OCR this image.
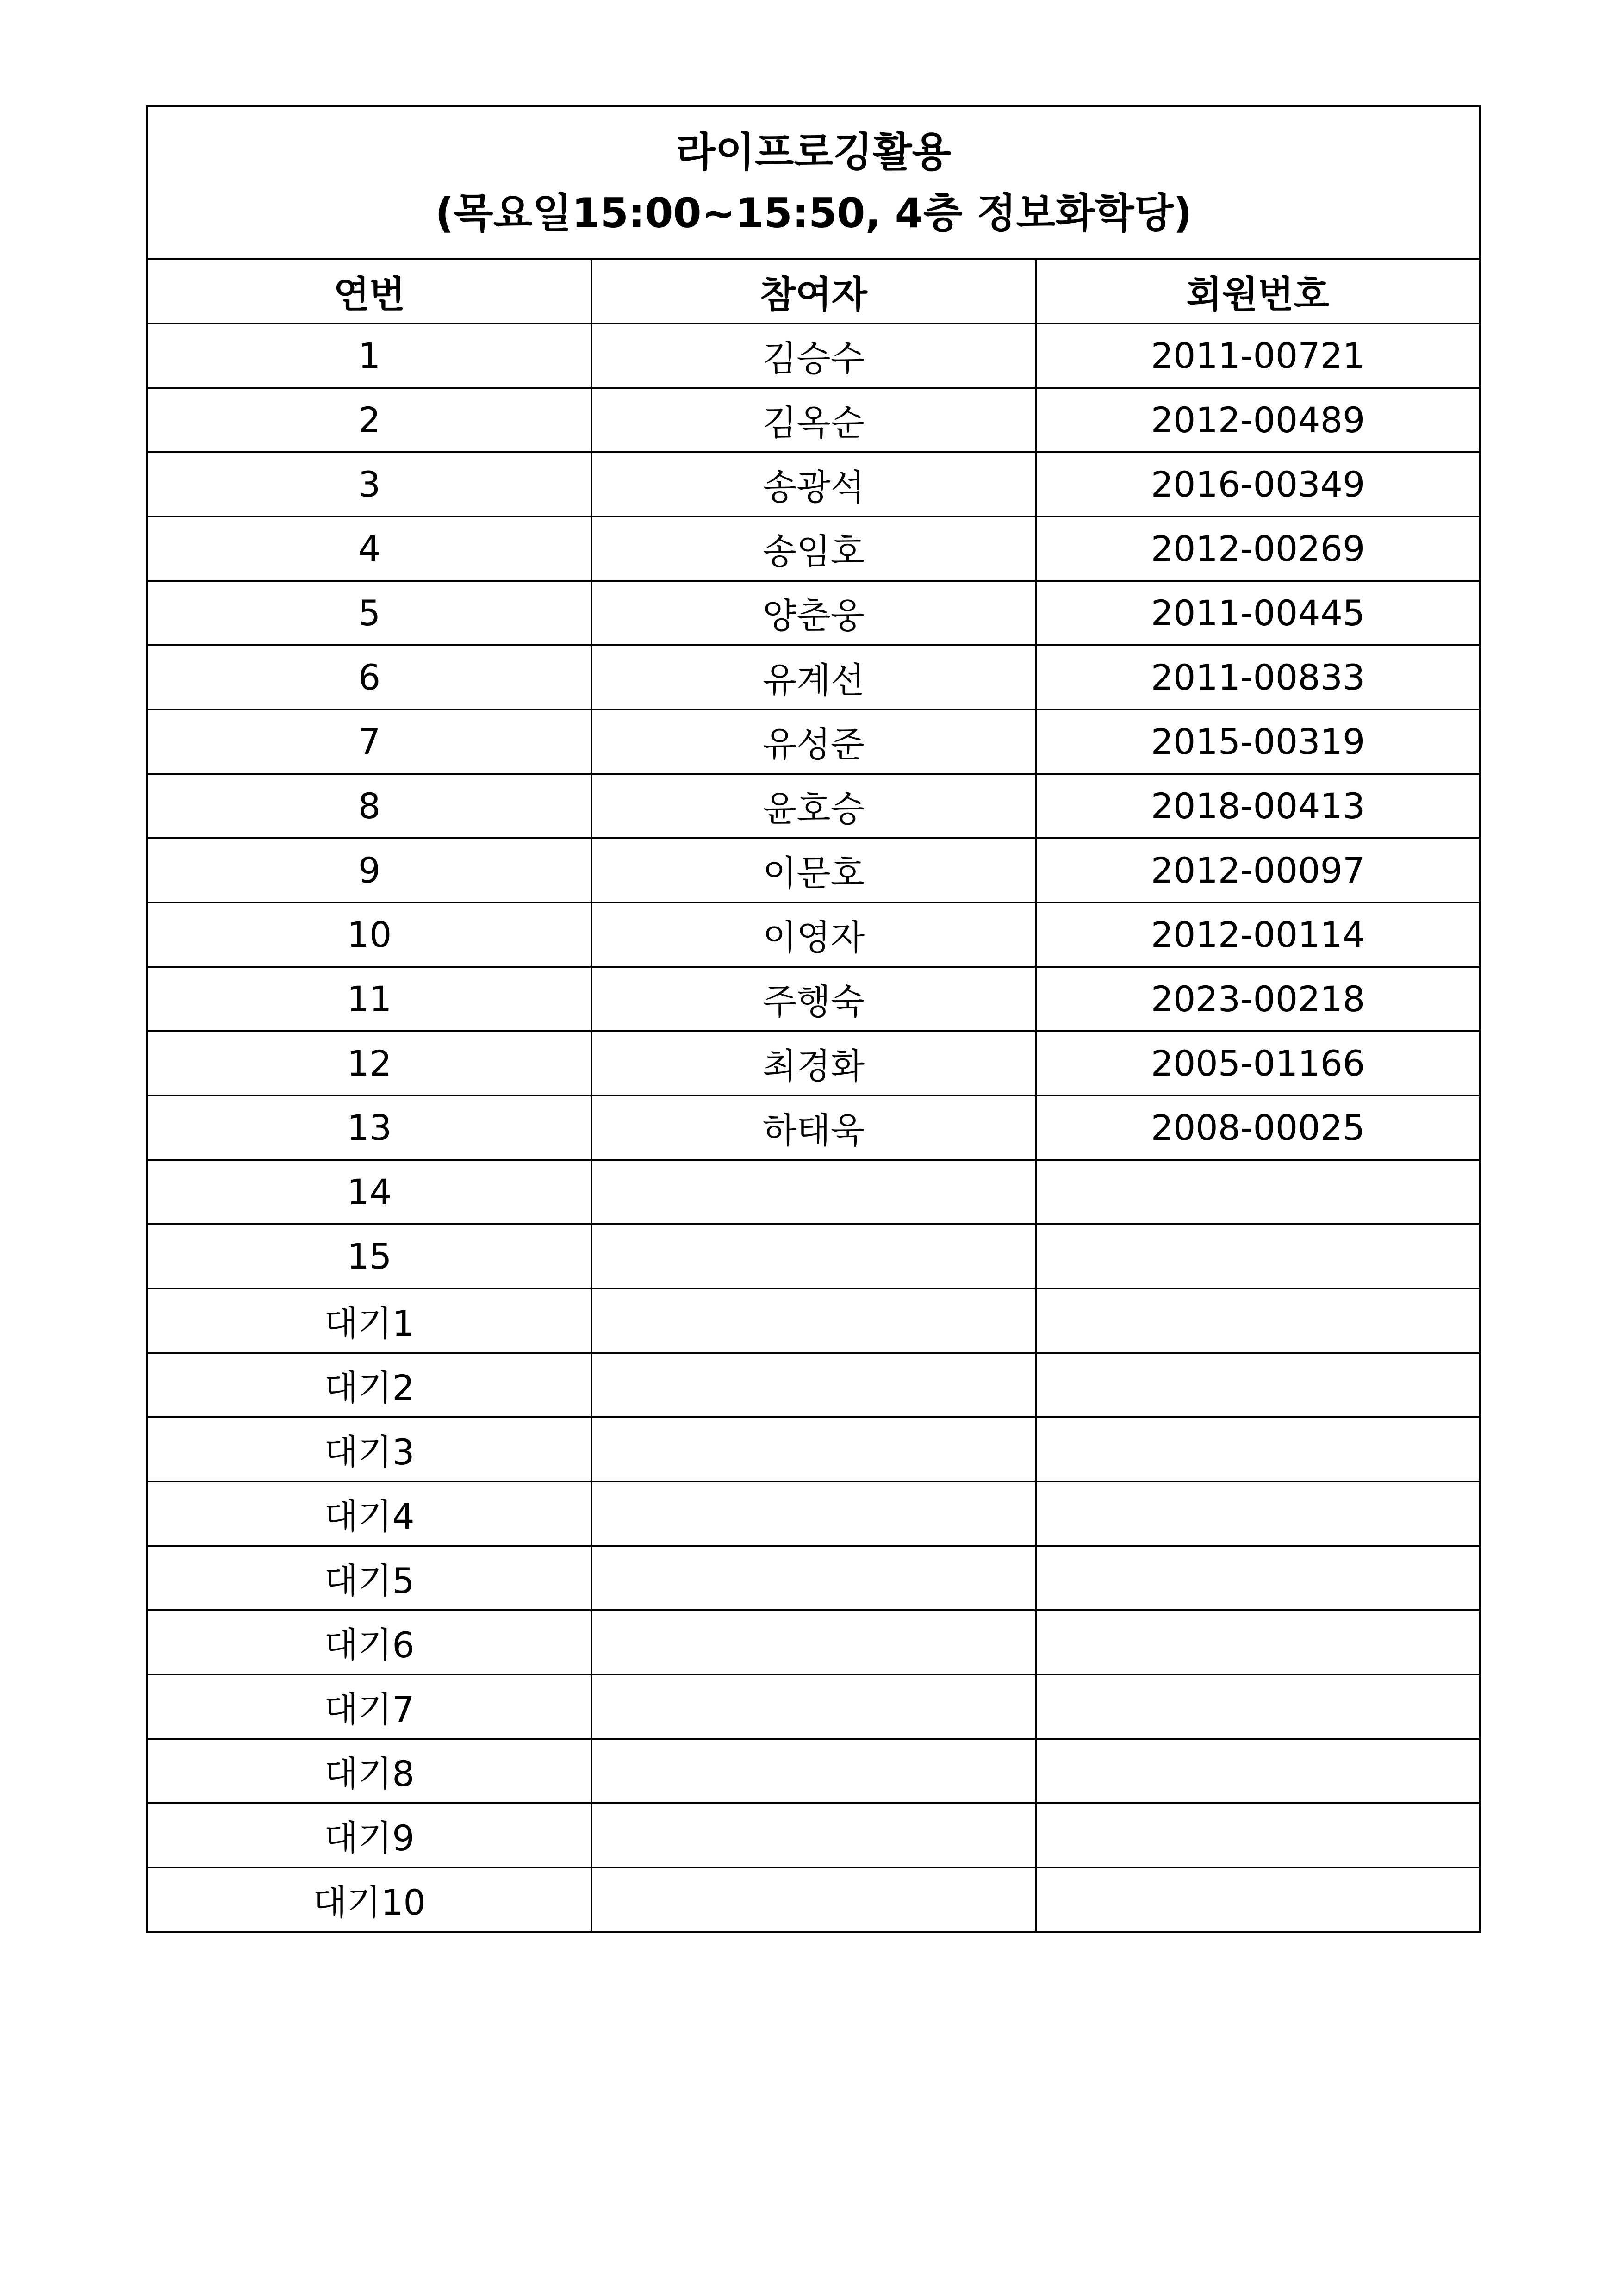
라이프로깅활용
(목요일15:00~15:50, 4층 정보화학당)		

연번	참여자	회원번호
1	김승수	2011-00721
2	김옥순	2012-00489
3	송광석	2016-00349
4	송임호	2012-00269
5	양춘웅	2011-00445
6	유계선	2011-00833
7	유성준	2015-00319
8	윤호승	2018-00413
9	이문호	2012-00097
10	이영자	2012-00114
11	주행숙	2023-00218
12	최경화	2005-01166
13	하태욱	2008-00025
14		
15		
대기1		
대기2		
대기3		
대기4		
대기5		
대기6		
대기7		
대기8		
대기9		
대기10		
